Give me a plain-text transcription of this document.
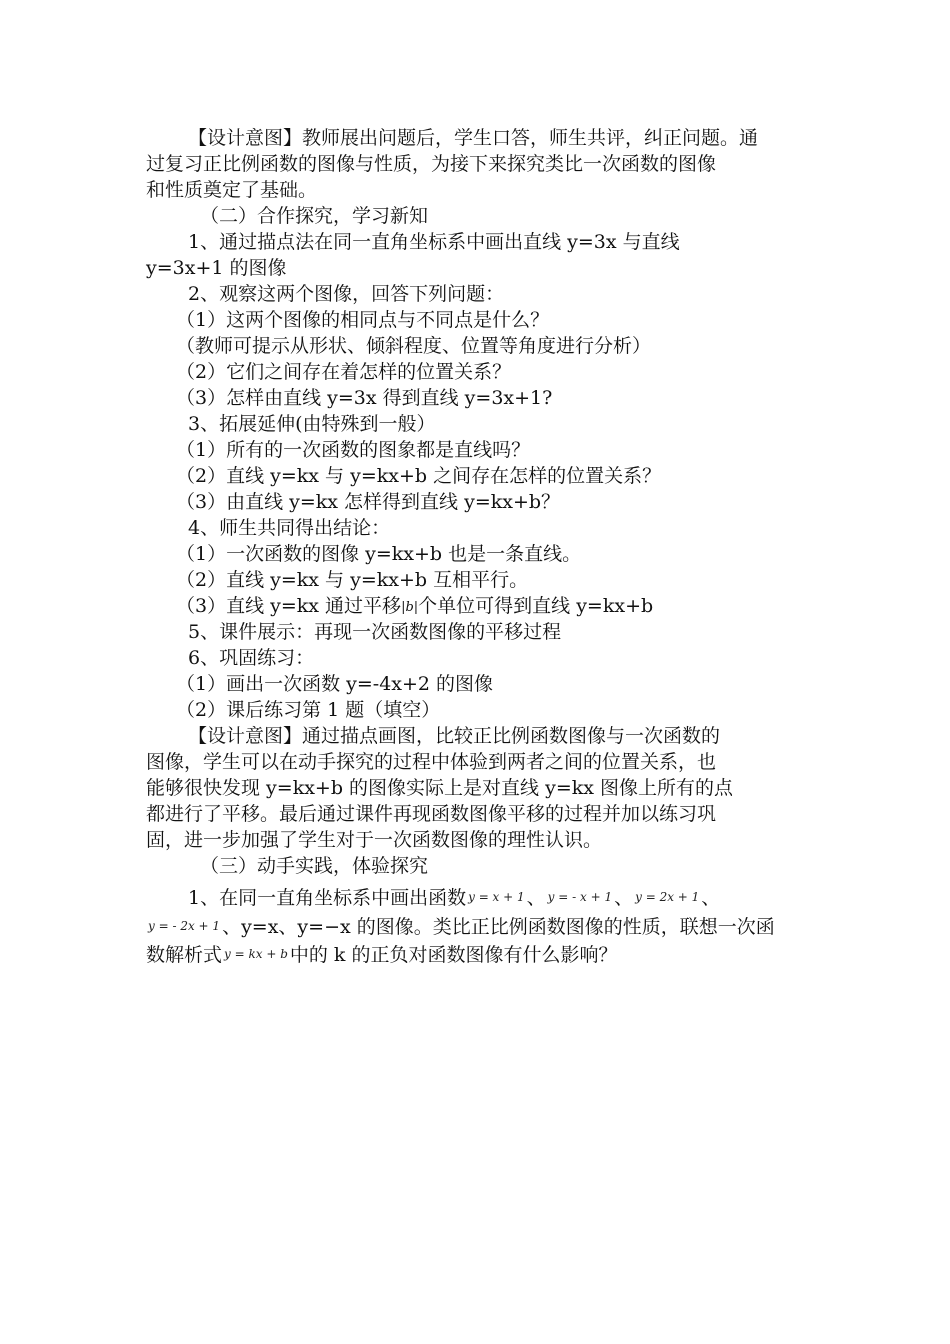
【设计意图】教师展出问题后，学生口答，师生共评，纠正问题。通
过复习正比例函数的图像与性质，为接下来探究类比一次函数的图像
和性质奠定了基础。
（二）合作探究，学习新知
1、通过描点法在同一直角坐标系中画出直线 y=3x 与直线
y=3x+1 的图像
2、观察这两个图像，回答下列问题：
（1）这两个图像的相同点与不同点是什么？
（教师可提示从形状、倾斜程度、位置等角度进行分析）
（2）它们之间存在着怎样的位置关系？
（3）怎样由直线 y=3x 得到直线 y=3x+1?
3、拓展延伸(由特殊到一般）
（1）所有的一次函数的图象都是直线吗？
（2）直线 y=kx 与 y=kx+b 之间存在怎样的位置关系？
（3）由直线 y=kx 怎样得到直线 y=kx+b？
4、师生共同得出结论：
（1）一次函数的图像 y=kx+b 也是一条直线。
（2）直线 y=kx 与 y=kx+b 互相平行。
（3）直线 y=kx 通过平移|b|个单位可得到直线 y=kx+b
5、课件展示：再现一次函数图像的平移过程
6、巩固练习：
（1）画出一次函数 y=-4x+2 的图像
（2）课后练习第 1 题（填空）
【设计意图】通过描点画图，比较正比例函数图像与一次函数的
图像，学生可以在动手探究的过程中体验到两者之间的位置关系，也
能够很快发现 y=kx+b 的图像实际上是对直线 y=kx 图像上所有的点
都进行了平移。最后通过课件再现函数图像平移的过程并加以练习巩
固，进一步加强了学生对于一次函数图像的理性认识。
（三）动手实践，体验探究
1、在同一直角坐标系中画出函数 y = x + 1 、 y = - x + 1 、 y = 2x + 1 、
y = - 2x + 1 、y=x、y=−x 的图像。类比正比例函数图像的性质，联想一次函
数解析式 y = kx + b 中的 k 的正负对函数图像有什么影响？
